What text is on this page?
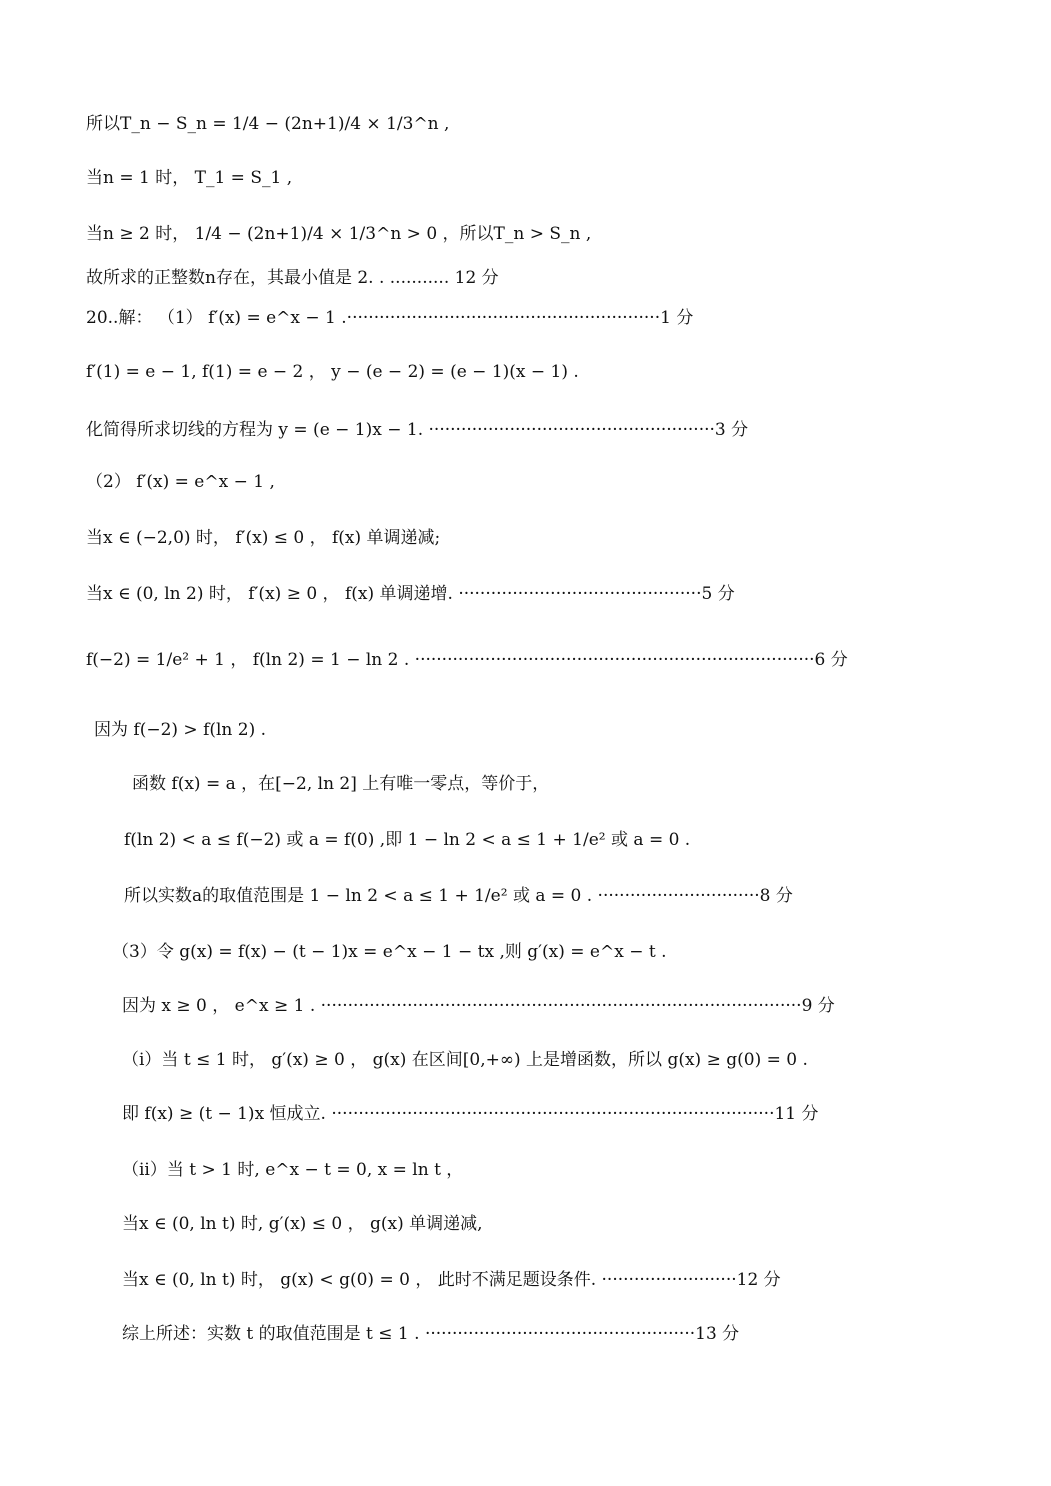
所以T_n − S_n = 1/4 − (2n+1)/4 × 1/3^n ,
当n = 1 时， T_1 = S_1 ,
当n ≥ 2 时， 1/4 − (2n+1)/4 × 1/3^n > 0 ，所以T_n > S_n ,
故所求的正整数n存在，其最小值是 2. . ........... 12 分
20..解： （1） f′(x) = e^x − 1 .··························································1 分
f′(1) = e − 1, f(1) = e − 2 ， y − (e − 2) = (e − 1)(x − 1) .
化简得所求切线的方程为 y = (e − 1)x − 1. ·····················································3 分
（2） f′(x) = e^x − 1 ,
当x ∈ (−2,0) 时， f′(x) ≤ 0 ， f(x) 单调递减;
当x ∈ (0, ln 2) 时， f′(x) ≥ 0 ， f(x) 单调递增. ·············································5 分
f(−2) = 1/e² + 1 ， f(ln 2) = 1 − ln 2 . ··········································································6 分
因为 f(−2) > f(ln 2) .
函数 f(x) = a ，在[−2, ln 2] 上有唯一零点，等价于，
f(ln 2) < a ≤ f(−2) 或 a = f(0) ,即 1 − ln 2 < a ≤ 1 + 1/e² 或 a = 0 .
所以实数a的取值范围是 1 − ln 2 < a ≤ 1 + 1/e² 或 a = 0 . ······························8 分
（3）令 g(x) = f(x) − (t − 1)x = e^x − 1 − tx ,则 g′(x) = e^x − t .
因为 x ≥ 0 ， e^x ≥ 1 . ·························································································9 分
（i）当 t ≤ 1 时， g′(x) ≥ 0 ， g(x) 在区间[0,+∞) 上是增函数，所以 g(x) ≥ g(0) = 0 .
即 f(x) ≥ (t − 1)x 恒成立. ··················································································11 分
（ii）当 t > 1 时, e^x − t = 0, x = ln t ，
当x ∈ (0, ln t) 时, g′(x) ≤ 0 ， g(x) 单调递减,
当x ∈ (0, ln t) 时， g(x) < g(0) = 0 ， 此时不满足题设条件. ·························12 分
综上所述：实数 t 的取值范围是 t ≤ 1 . ··················································13 分
